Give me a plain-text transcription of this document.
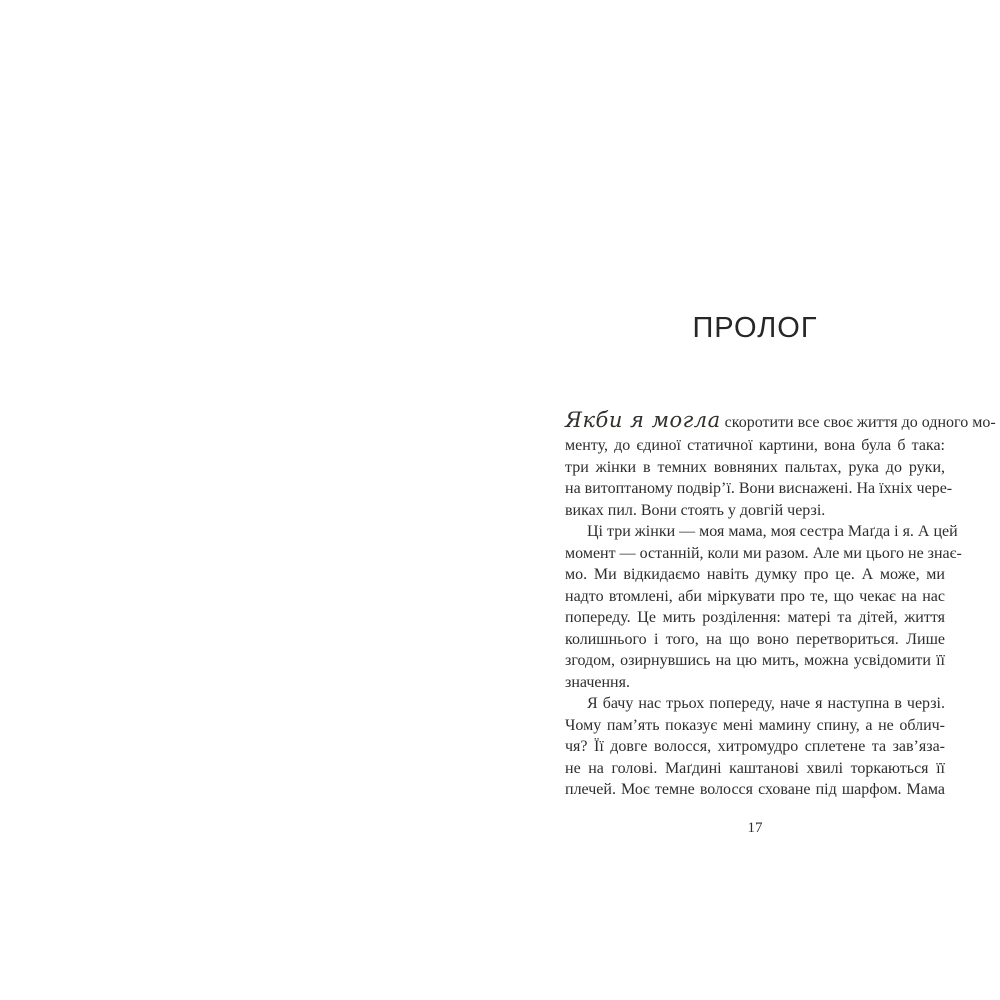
ПРОЛОГ
Якби я могла скоротити все своє життя до одного мо-
менту, до єдиної статичної картини, вона була б така:
три жінки в темних вовняних пальтах, рука до руки,
на витоптаному подвір’ї. Вони виснажені. На їхніх чере-
виках пил. Вони стоять у довгій черзі.
Ці три жінки — моя мама, моя сестра Маґда і я. А цей
момент — останній, коли ми разом. Але ми цього не знає-
мо. Ми відкидаємо навіть думку про це. А може, ми
надто втомлені, аби міркувати про те, що чекає на нас
попереду. Це мить розділення: матері та дітей, життя
колишнього і того, на що воно перетвориться. Лише
згодом, озирнувшись на цю мить, можна усвідомити її
значення.
Я бачу нас трьох попереду, наче я наступна в черзі.
Чому пам’ять показує мені мамину спину, а не облич-
чя? Її довге волосся, хитромудро сплетене та зав’яза-
не на голові. Маґдині каштанові хвилі торкаються її
плечей. Моє темне волосся сховане під шарфом. Мама
17
